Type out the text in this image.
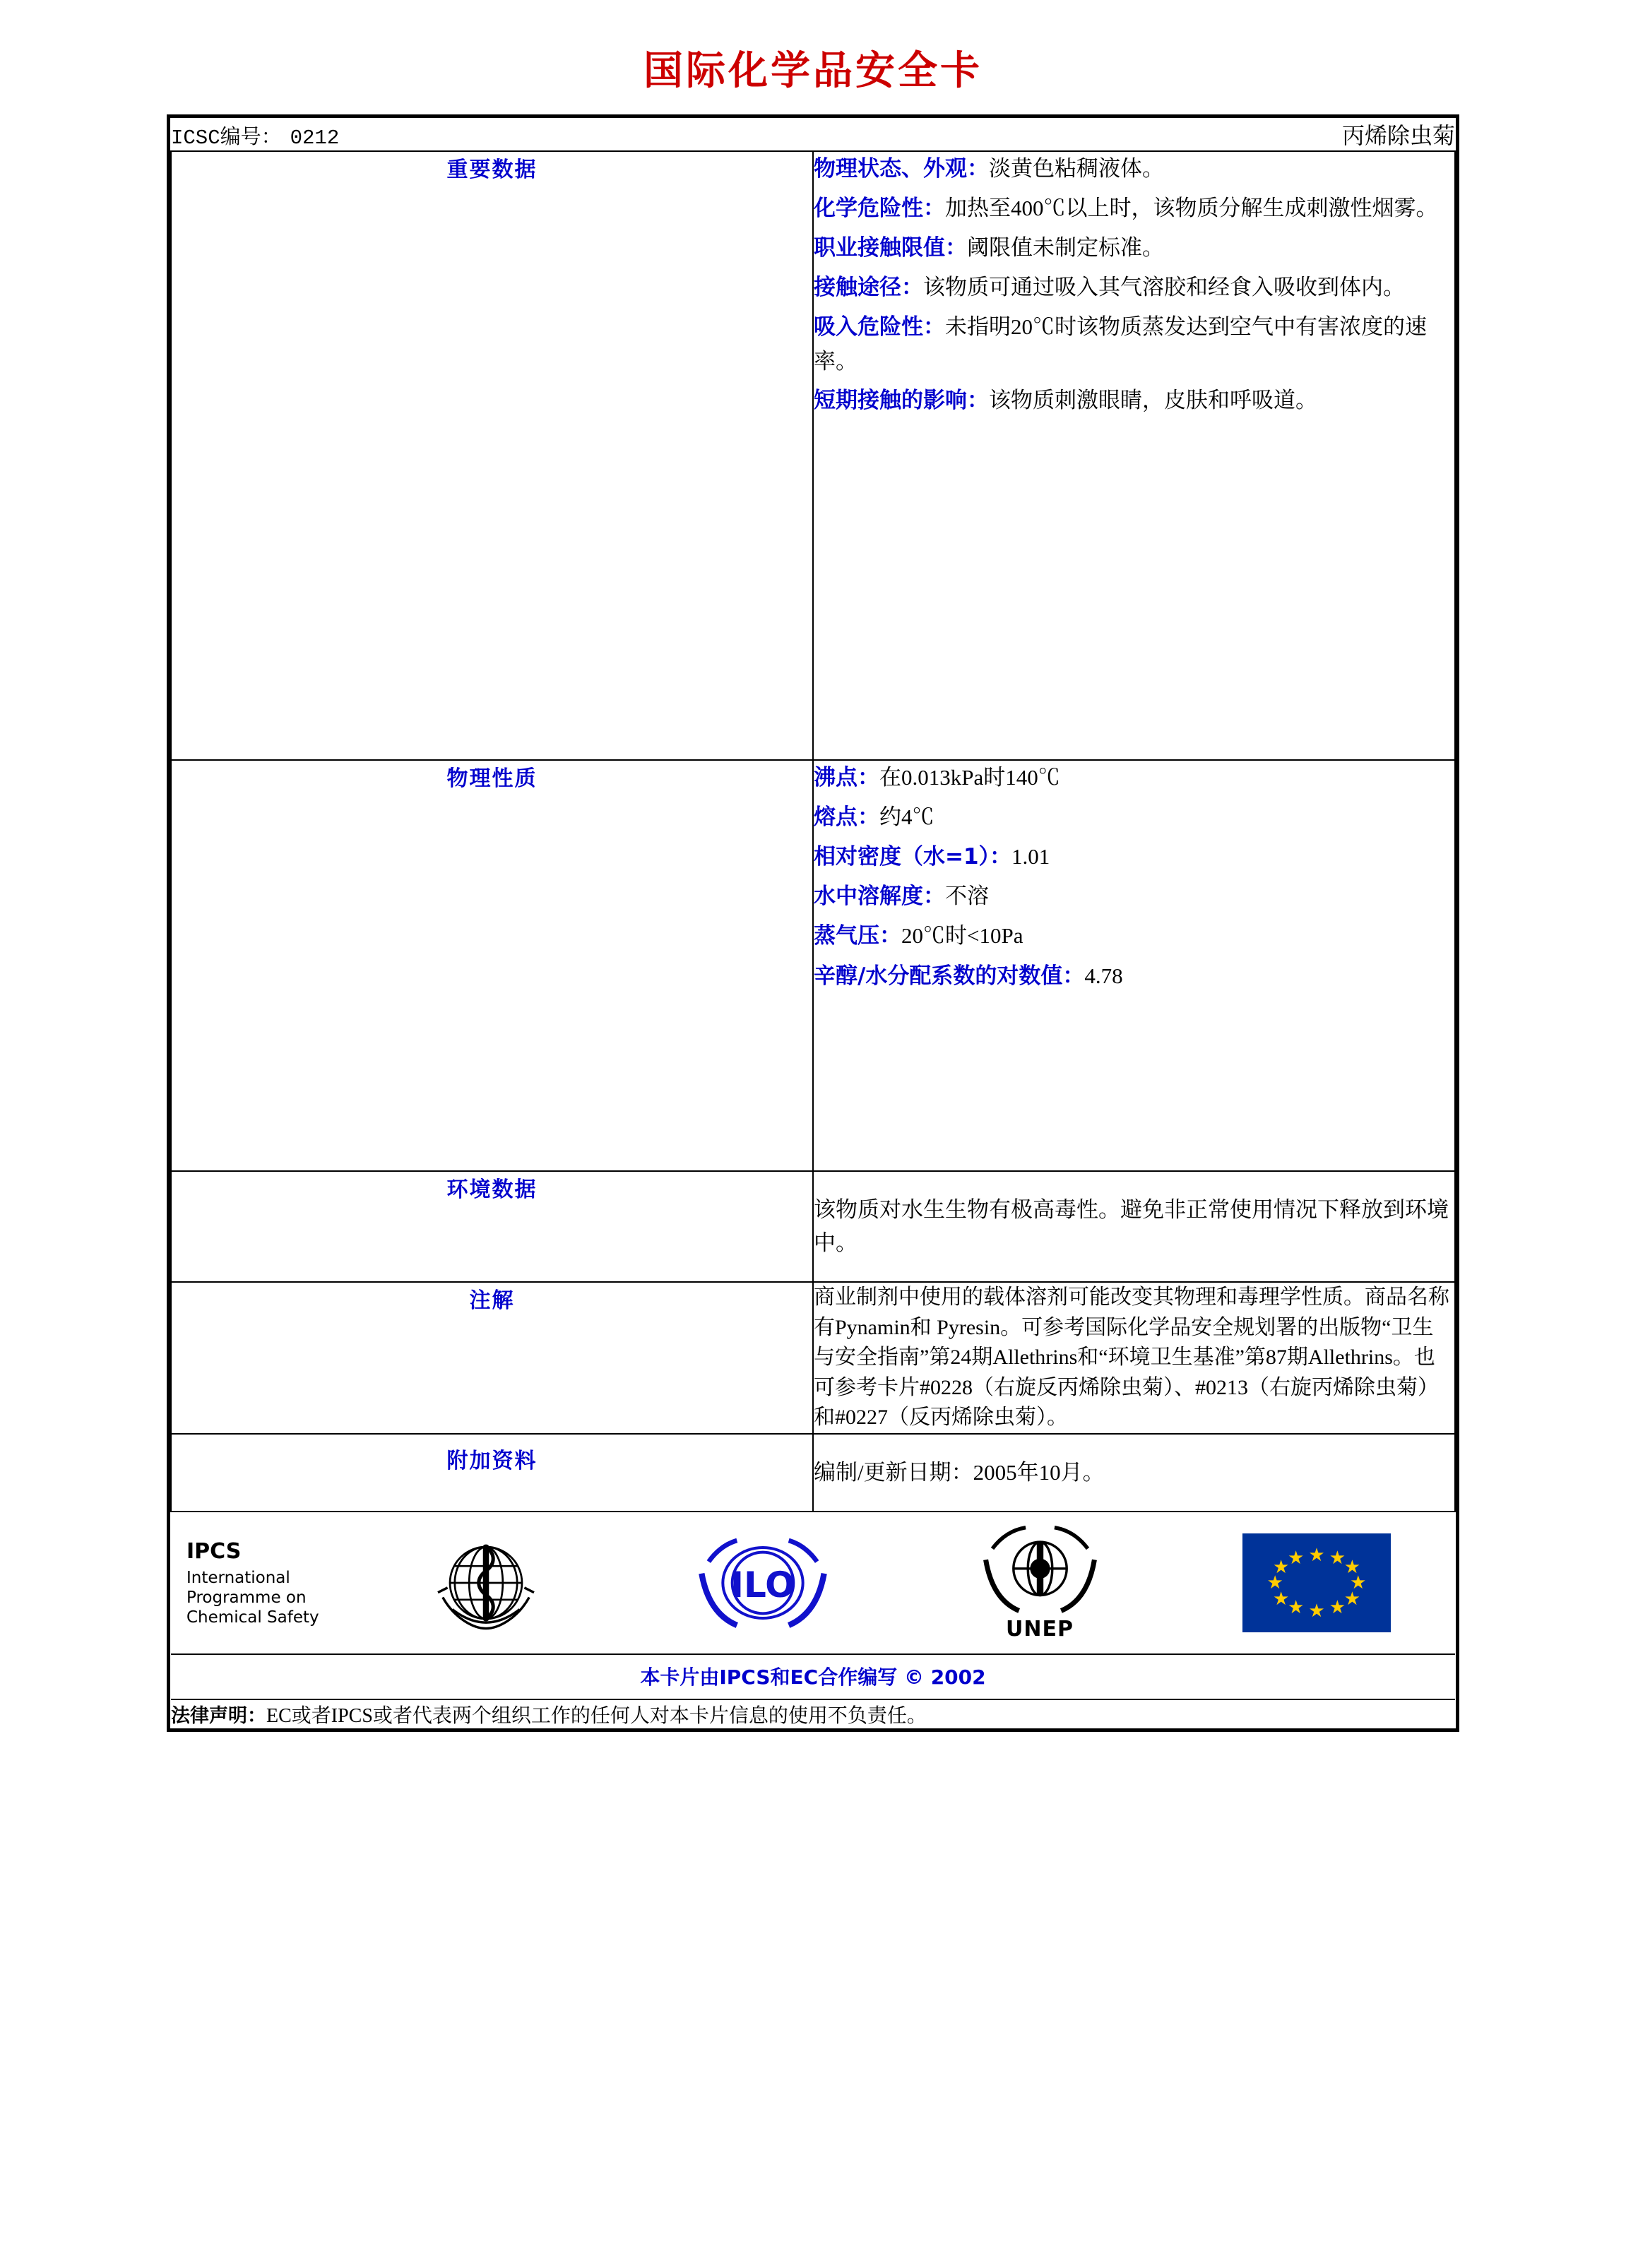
国际化学品安全卡
ICSC编号： 0212 丙烯除虫菊	

重要数据	物理状态、外观：淡黄色粘稠液体。

化学危险性：加热至400℃以上时，该物质分解生成刺激性烟雾。

职业接触限值：阈限值未制定标准。

接触途径：该物质可通过吸入其气溶胶和经食入吸收到体内。

吸入危险性：未指明20℃时该物质蒸发达到空气中有害浓度的速率。

短期接触的影响：该物质刺激眼睛，皮肤和呼吸道。

物理性质	沸点：在0.013kPa时140℃

熔点：约4℃

相对密度（水=1）：1.01

水中溶解度：不溶

蒸气压：20℃时<10Pa

辛醇/水分配系数的对数值：4.78

环境数据	该物质对水生生物有极高毒性。避免非正常使用情况下释放到环境中。

注解	商业制剂中使用的载体溶剂可能改变其物理和毒理学性质。商品名称有Pynamin和 Pyresin。可参考国际化学品安全规划署的出版物“卫生与安全指南”第24期Allethrins和“环境卫生基准”第87期Allethrins。也可参考卡片#0228（右旋反丙烯除虫菊）、#0213（右旋丙烯除虫菊）和#0227（反丙烯除虫菊）。
附加资料	编制/更新日期：2005年10月。

IPCS
International
Programme on
Chemical Safety
ILO
UNEP
★ ★
★
★
★
★
★
★
★
★
★
★
本卡片由IPCS和EC合作编写 © 2002

法律声明：EC或者IPCS或者代表两个组织工作的任何人对本卡片信息的使用不负责任。	
